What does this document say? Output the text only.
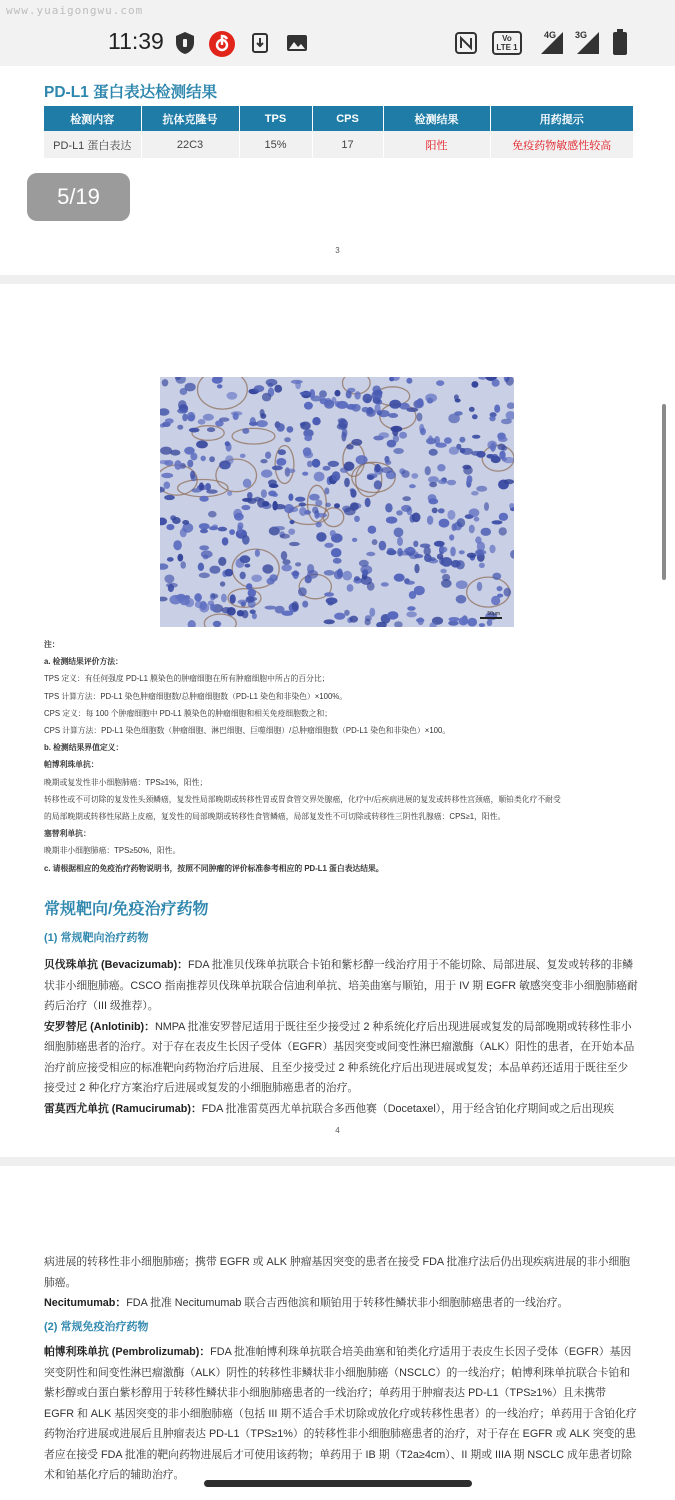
www.yuaigongwu.com
11:39	Vo
LTE 1
4G 3G
PD-L1 蛋白表达检测结果
检测内容	抗体克隆号	TPS	CPS	检测结果	用药提示
PD-L1 蛋白表达	22C3	15%	17	阳性	免疫药物敏感性较高
3
5/19
50μm
注：
a. 检测结果评价方法：
TPS 定义：有任何强度 PD-L1 膜染色的肿瘤细胞在所有肿瘤细胞中所占的百分比；
TPS 计算方法：PD-L1 染色肿瘤细胞数/总肿瘤细胞数（PD-L1 染色和非染色）×100%。
CPS 定义：每 100 个肿瘤细胞中 PD-L1 膜染色的肿瘤细胞和相关免疫细胞数之和；
CPS 计算方法：PD-L1 染色细胞数（肿瘤细胞、淋巴细胞、巨噬细胞）/总肿瘤细胞数（PD-L1 染色和非染色）×100。
b. 检测结果界值定义：
帕博利珠单抗：
晚期或复发性非小细胞肺癌：TPS≥1%，阳性；
转移性或不可切除的复发性头颈鳞癌，复发性局部晚期或转移性胃或胃食管交界处腺癌，化疗中/后疾病进展的复发或转移性宫颈癌，顺铂类化疗不耐受
的局部晚期或转移性尿路上皮癌，复发性的局部晚期或转移性食管鳞癌，局部复发性不可切除或转移性三阴性乳腺癌：CPS≥1，阳性。
塞替利单抗：
晚期非小细胞肺癌：TPS≥50%，阳性。
c. 请根据相应的免疫治疗药物说明书，按照不同肿瘤的评价标准参考相应的 PD-L1 蛋白表达结果。
常规靶向/免疫治疗药物
(1) 常规靶向治疗药物
贝伐珠单抗 (Bevacizumab)：FDA 批准贝伐珠单抗联合卡铂和紫杉醇一线治疗用于不能切除、局部进展、复发或转移的非鳞状非小细胞肺癌。CSCO 指南推荐贝伐珠单抗联合信迪利单抗、培美曲塞与顺铂，用于 IV 期 EGFR 敏感突变非小细胞肺癌耐药后治疗（III 级推荐）。
安罗替尼 (Anlotinib)：NMPA 批准安罗替尼适用于既往至少接受过 2 种系统化疗后出现进展或复发的局部晚期或转移性非小细胞肺癌患者的治疗。对于存在表皮生长因子受体（EGFR）基因突变或间变性淋巴瘤激酶（ALK）阳性的患者，在开始本品治疗前应接受相应的标准靶向药物治疗后进展、且至少接受过 2 种系统化疗后出现进展或复发；本品单药还适用于既往至少接受过 2 种化疗方案治疗后进展或复发的小细胞肺癌患者的治疗。
雷莫西尤单抗 (Ramucirumab)：FDA 批准雷莫西尤单抗联合多西他赛（Docetaxel），用于经含铂化疗期间或之后出现疾
4
病进展的转移性非小细胞肺癌；携带 EGFR 或 ALK 肿瘤基因突变的患者在接受 FDA 批准疗法后仍出现疾病进展的非小细胞肺癌。
Necitumumab：FDA 批准 Necitumumab 联合吉西他滨和顺铂用于转移性鳞状非小细胞肺癌患者的一线治疗。
(2) 常规免疫治疗药物
帕博利珠单抗 (Pembrolizumab)：FDA 批准帕博利珠单抗联合培美曲塞和铂类化疗适用于表皮生长因子受体（EGFR）基因突变阴性和间变性淋巴瘤激酶（ALK）阴性的转移性非鳞状非小细胞肺癌（NSCLC）的一线治疗；帕博利珠单抗联合卡铂和紫杉醇或白蛋白紫杉醇用于转移性鳞状非小细胞肺癌患者的一线治疗；单药用于肿瘤表达 PD-L1（TPS≥1%）且未携带 EGFR 和 ALK 基因突变的非小细胞肺癌（包括 III 期不适合手术切除或放化疗或转移性患者）的一线治疗；单药用于含铂化疗药物治疗进展或进展后且肿瘤表达 PD-L1（TPS≥1%）的转移性非小细胞肺癌患者的治疗，对于存在 EGFR 或 ALK 突变的患者应在接受 FDA 批准的靶向药物进展后才可使用该药物；单药用于 IB 期（T2a≥4cm）、II 期或 IIIA 期 NSCLC 成年患者切除术和铂基化疗后的辅助治疗。
